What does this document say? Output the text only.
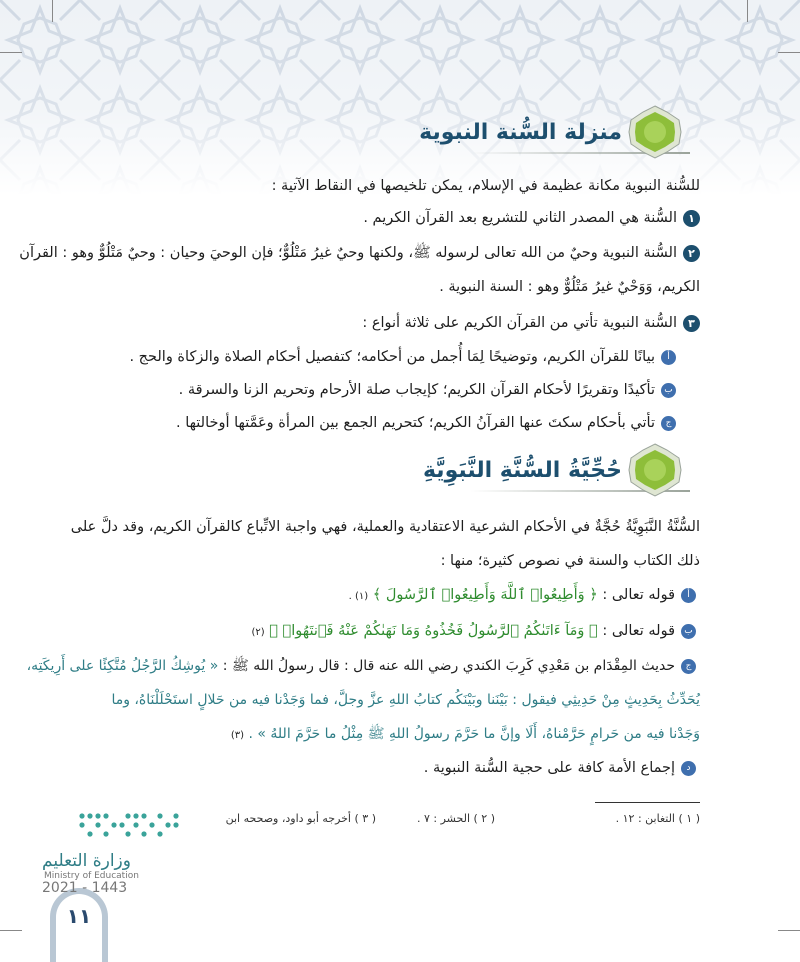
منزلة السُّنة النبوية
للسُّنة النبوية مكانة عظيمة في الإسلام، يمكن تلخيصها في النقاط الآتية :
١السُّنة هي المصدر الثاني للتشريع بعد القرآن الكريم .
٢السُّنة النبوية وحيٌ من الله تعالى لرسوله ﷺ، ولكنها وحيٌ غيرُ مَتْلُوٌّ؛ فإن الوحيَ وحيان : وحيٌ مَتْلُوٌّ وهو : القرآن
الكريم، وَوَحْيٌ غيرُ مَتْلُوٌّ وهو : السنة النبوية .
٣السُّنة النبوية تأتي من القرآن الكريم على ثلاثة أنواع :
أبيانًا للقرآن الكريم، وتوضيحًا لِمَا أُجمل من أحكامه؛ كتفصيل أحكام الصلاة والزكاة والحج .
بتأكيدًا وتقريرًا لأحكام القرآن الكريم؛ كإيجاب صلة الأرحام وتحريم الزنا والسرقة .
جتأتي بأحكام سكتَ عنها القرآنُ الكريم؛ كتحريم الجمع بين المرأة وعَمَّتها أوخالتها .
حُجِّيَّةُ السُّنَّةِ النَّبَوِيَّةِ
السُّنَّةُ النَّبَوِيَّةُ حُجَّةٌ في الأحكام الشرعية الاعتقادية والعملية، فهي واجبة الاتِّباع كالقرآن الكريم، وقد دلَّ على
ذلك الكتاب والسنة في نصوص كثيرة؛ منها :
أقوله تعالى : ﴿ وَأَطِيعُوا۟ ٱللَّهَ وَأَطِيعُوا۟ ٱلرَّسُولَ ﴾ (١) .
بقوله تعالى : ﴿ وَمَآ ءَاتَىٰكُمُ ٱلرَّسُولُ فَخُذُوهُ وَمَا نَهَىٰكُمْ عَنْهُ فَٱنتَهُوا۟ ﴾ (٢)
جحديث المِقْدَام بن مَعْدِي كَرِبَ الكندي رضي الله عنه قال : قال رسولُ الله ﷺ : « يُوشِكُ الرَّجُلُ مُتَّكِئًا على أَرِيكَتِه،
يُحَدِّثُ بِحَدِيثٍ مِنْ حَدِيثِي فيقول : بَيْنَنا وبَيْنَكُم كتابُ اللهِ عزَّ وجلَّ، فما وَجَدْنا فيه من حَلالٍ استَحْلَلْنَاهُ، وما
وَجَدْنا فيه من حَرامٍ حَرَّمْناهُ، أَلَا وإنَّ ما حَرَّمَ رسولُ اللهِ ﷺ مِثْلُ ما حَرَّمَ اللهُ » . (٣)
دإجماع الأمة كافة على حجية السُّنة النبوية .
( ١ ) التغابن : ١٢ .
( ٢ ) الحشر : ٧ .
( ٣ ) أخرجه أبو داود، وصححه ابن
وزارة التعليم
Ministry of Education
2021 - 1443
١١
